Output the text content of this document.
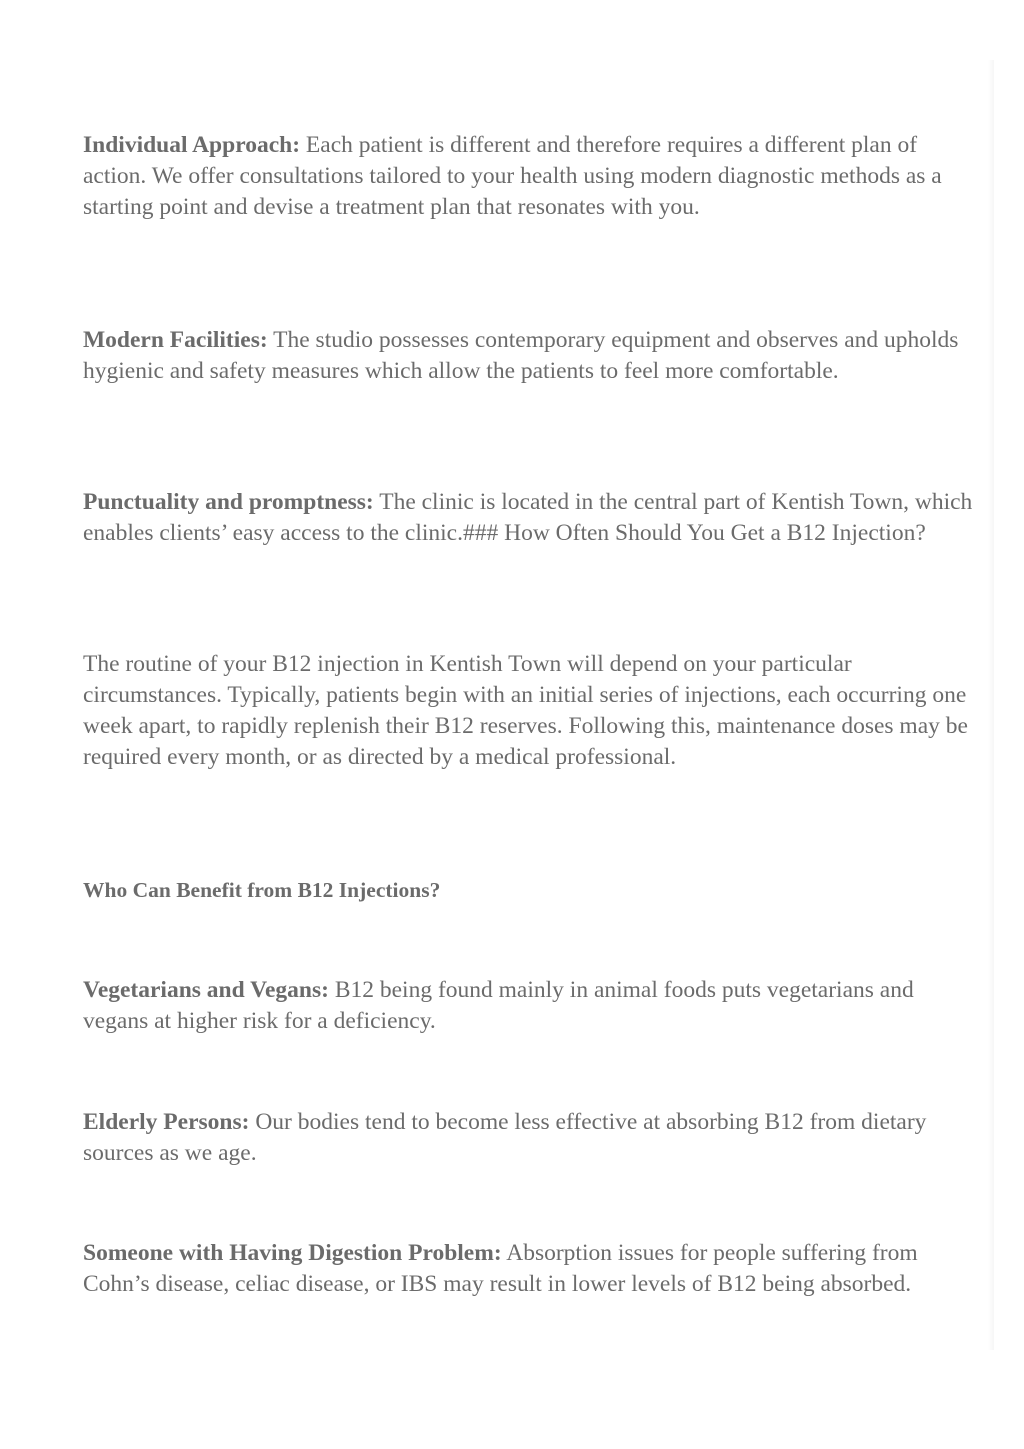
Individual Approach: Each patient is different and therefore requires a different plan of action. We offer consultations tailored to your health using modern diagnostic methods as a starting point and devise a treatment plan that resonates with you.

Modern Facilities: The studio possesses contemporary equipment and observes and upholds hygienic and safety measures which allow the patients to feel more comfortable.

Punctuality and promptness: The clinic is located in the central part of Kentish Town, which enables clients’ easy access to the clinic.### How Often Should You Get a B12 Injection?

The routine of your B12 injection in Kentish Town will depend on your particular circumstances. Typically, patients begin with an initial series of injections, each occurring one week apart, to rapidly replenish their B12 reserves. Following this, maintenance doses may be required every month, or as directed by a medical professional.

Who Can Benefit from B12 Injections?

Vegetarians and Vegans: B12 being found mainly in animal foods puts vegetarians and vegans at higher risk for a deficiency.

Elderly Persons: Our bodies tend to become less effective at absorbing B12 from dietary sources as we age.

Someone with Having Digestion Problem: Absorption issues for people suffering from Cohn’s disease, celiac disease, or IBS may result in lower levels of B12 being absorbed.
